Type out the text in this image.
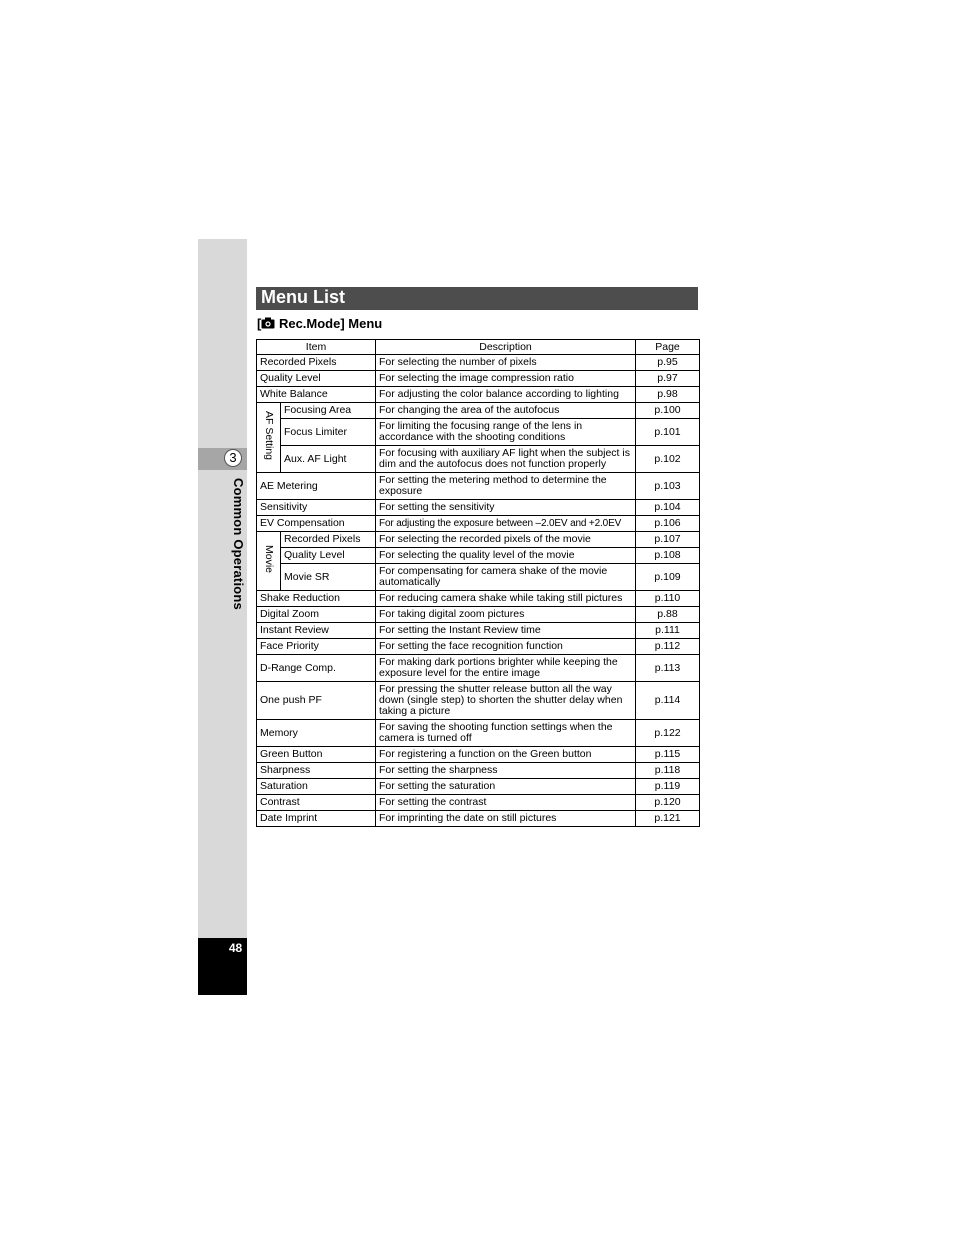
3
Common Operations
48
Menu List
[ Rec.Mode] Menu
Item		Description	Page
Recorded Pixels		For selecting the number of pixels	p.95
Quality Level		For selecting the image compression ratio	p.97
White Balance		For adjusting the color balance according to lighting	p.98
AF Setting	Focusing Area	For changing the area of the autofocus	p.100
	Focus Limiter	For limiting the focusing range of the lens in accordance with the shooting conditions	p.101
	Aux. AF Light	For focusing with auxiliary AF light when the subject is dim and the autofocus does not function properly	p.102
AE Metering		For setting the metering method to determine the exposure	p.103
Sensitivity		For setting the sensitivity	p.104
EV Compensation		For adjusting the exposure between –2.0EV and +2.0EV	p.106
Movie	Recorded Pixels	For selecting the recorded pixels of the movie	p.107
	Quality Level	For selecting the quality level of the movie	p.108
	Movie SR	For compensating for camera shake of the movie automatically	p.109
Shake Reduction		For reducing camera shake while taking still pictures	p.110
Digital Zoom		For taking digital zoom pictures	p.88
Instant Review		For setting the Instant Review time	p.111
Face Priority		For setting the face recognition function	p.112
D-Range Comp.		For making dark portions brighter while keeping the exposure level for the entire image	p.113
One push PF		For pressing the shutter release button all the way down (single step) to shorten the shutter delay when taking a picture	p.114
Memory		For saving the shooting function settings when the camera is turned off	p.122
Green Button		For registering a function on the Green button	p.115
Sharpness		For setting the sharpness	p.118
Saturation		For setting the saturation	p.119
Contrast		For setting the contrast	p.120
Date Imprint		For imprinting the date on still pictures	p.121
